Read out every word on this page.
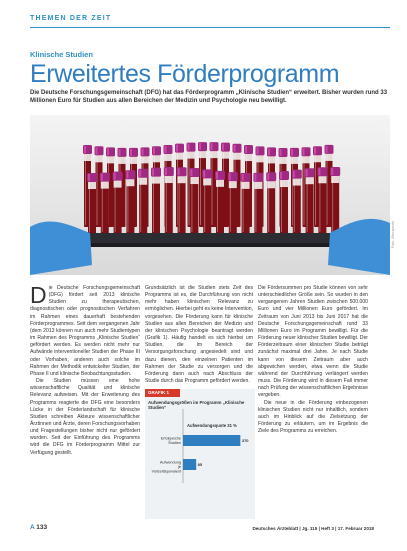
THEMEN DER ZEIT
Klinische Studien
Erweitertes Förderprogramm
Die Deutsche Forschungsgemeinschaft (DFG) hat das Förderprogramm „Klinische Studien“ erweitert. Bisher wurden rund 33 Millionen Euro für Studien aus allen Bereichen der Medizin und Psychologie neu bewilligt.
Foto: iStockphoto

Die Deutsche Forschungsgemeinschaft (DFG) fördert seit 2013 klinische Studien zu therapeutischen, diagnostischen oder prognostischen Verfahren im Rahmen eines dauerhaft bestehenden Förderprogrammes. Seit dem vergangenen Jahr (dem 2013 können nun auch mehr Studientypen im Rahmen des Programms „Klinische Studien“ gefördert werden. Es werden nicht mehr nur Aufwände interventioneller Studien der Phase III oder Vorhaben, anderen auch solche im Rahmen der Methodik entwickelter Studien, der Phase II und klinische Beobachtungsstudien.

Die Studien müssen eine hohe wissenschaftliche Qualität und klinische Relevanz aufweisen. Mit der Erweiterung des Programms reagierte die DFG eine besonders Lücke in der Förderlandschaft für klinische Studien schreiben Akteure wissenschaftlicher Ärztinnen und Ärzte, deren Forschungsvorhaben und Fragestellungen bisher nicht nur gefördert wurden. Seit der Einführung des Programms wird die DFG im Förderprogramm Mittel zur Verfügung gestellt.

Grundsätzlich ist die Studien stets Zeit des Programms ist es, die Durchführung von nicht mehr haben klinischen Relevanz zu ermöglichen. Hierbei geht es keine Intervention, vorgesehen. Die Förderung kann für klinische Studien aus allen Bereichen der Medizin und der klinischen Psychologie beantragt werden (Grafik 1). Häufig handelt es sich hierbei um Studien, die im Bereich der Versorgungsforschung angesiedelt sind und dazu dienen, den einzelnen Patienten im Rahmen der Studie zu versorgen und die Förderung dann auch nach Abschluss der Studie durch das Programm gefördert werden.

Die Fördersummen pro Studie können von sehr unterschiedlicher Größe sein. So wurden in den vergangenen Jahren Studien zwischen 500.000 Euro und vier Millionen Euro gefördert. Im Zeitraum von Juni 2013 bis Juni 2017 hat die Deutsche Forschungsgemeinschaft rund 33 Millionen Euro im Programm bewilligt. Für die Förderung neuer klinischer Studien bewilligt. Der Förderzeitraum einer klinischen Studie beträgt zunächst maximal drei Jahre. Je nach Studie kann von diesem Zeitraum aber auch abgewichen werden, etwa wenn die Studie während der Durchführung verlängert werden muss. Die Förderung wird in diesem Fall immer nach Prüfung der wissenschaftlichen Ergebnisse vergeben.

Die neue in die Förderung einbezogenen klinischen Studien nicht nur inhaltlich, sondern auch im Hinblick auf die Zielsetzung der Förderung zu erläutern, um im Ergebnis die Ziele des Programms zu erreichen.

GRAFIK 1
Aufwendungsgrößen im Programm „Klinische Studien“
Aufwendungsquote 31 %
Erfolgreiche Studien	370
Aufwendung je Vollzeitäquivalent
85
A 133	Deutsches Ärzteblatt | Jg. 115 | Heft 3 | 17. Februar 2018
